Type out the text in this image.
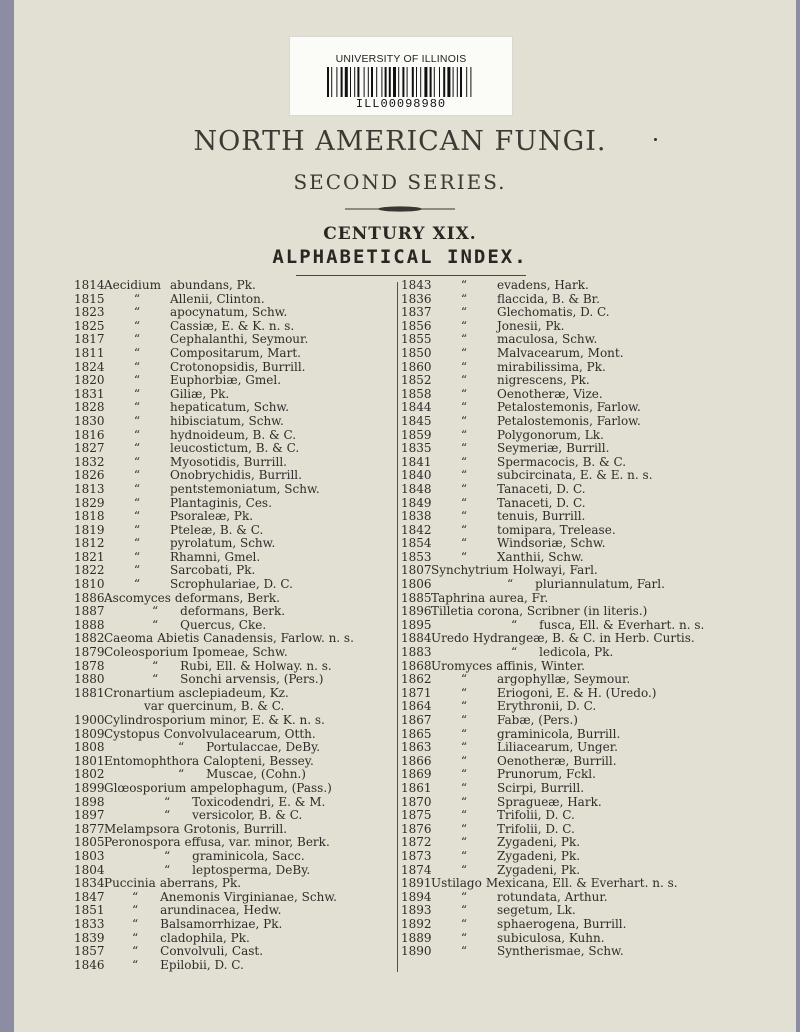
UNIVERSITY OF ILLINOIS
ILL00098980
NORTH AMERICAN FUNGI.
SECOND SERIES.
CENTURY XIX.
ALPHABETICAL INDEX.
1814 Aecidium abundans, Pk.
1815	“	Allenii, Clinton.
1823	“	apocynatum, Schw.
1825	“	Cassiæ, E. & K. n. s.
1817	“	Cephalanthi, Seymour.
1811	“	Compositarum, Mart.
1824	“	Crotonopsidis, Burrill.
1820	“	Euphorbiæ, Gmel.
1831	“	Giliæ, Pk.
1828	“	hepaticatum, Schw.
1830	“	hibisciatum, Schw.
1816	“	hydnoideum, B. & C.
1827	“	leucostictum, B. & C.
1832	“	Myosotidis, Burrill.
1826	“	Onobrychidis, Burrill.
1813	“	pentstemoniatum, Schw.
1829	“	Plantaginis, Ces.
1818	“	Psoraleæ, Pk.
1819	“	Pteleæ, B. & C.
1812	“	pyrolatum, Schw.
1821	“	Rhamni, Gmel.
1822	“	Sarcobati, Pk.
1810	“	Scrophulariae, D. C.
1886 Ascomyces deformans, Berk.
1887	“	deformans, Berk.
1888	“	Quercus, Cke.
1882 Caeoma Abietis Canadensis, Farlow. n. s.
1879 Coleosporium Ipomeae, Schw.
1878	“	Rubi, Ell. & Holway. n. s.
1880	“	Sonchi arvensis, (Pers.)
1881 Cronartium asclepiadeum, Kz.
var quercinum, B. & C.
1900 Cylindrosporium minor, E. & K. n. s.
1809 Cystopus Convolvulacearum, Otth.
1808	“	Portulaccae, DeBy.
1801 Entomophthora Calopteni, Bessey.
1802	“	Muscae, (Cohn.)
1899 Glœosporium ampelophagum, (Pass.)
1898	“	Toxicodendri, E. & M.
1897	“	versicolor, B. & C.
1877 Melampsora Grotonis, Burrill.
1805 Peronospora effusa, var. minor, Berk.
1803	“	graminicola, Sacc.
1804	“	leptosperma, DeBy.
1834 Puccinia aberrans, Pk.
1847 “	Anemonis Virginianae, Schw.
1851 “	arundinacea, Hedw.
1833 “	Balsamorrhizae, Pk.
1839 “	cladophila, Pk.
1857 “	Convolvuli, Cast.
1846 “	Epilobii, D. C.
1843	“	evadens, Hark.
1836	“	flaccida, B. & Br.
1837	“	Glechomatis, D. C.
1856	“	Jonesii, Pk.
1855	“	maculosa, Schw.
1850	“	Malvacearum, Mont.
1860	“	mirabilissima, Pk.
1852	“	nigrescens, Pk.
1858	“	Oenotheræ, Vize.
1844	“	Petalostemonis, Farlow.
1845	“	Petalostemonis, Farlow.
1859	“	Polygonorum, Lk.
1835	“	Seymeriæ, Burrill.
1841	“	Spermacocis, B. & C.
1840	“	subcircinata, E. & E. n. s.
1848	“	Tanaceti, D. C.
1849	“	Tanaceti, D. C.
1838	“	tenuis, Burrill.
1842	“	tomipara, Trelease.
1854	“	Windsoriæ, Schw.
1853	“	Xanthii, Schw.
1807 Synchytrium Holwayi, Farl.
1806	“	pluriannulatum, Farl.
1885 Taphrina aurea, Fr.
1896 Tilletia corona, Scribner (in literis.)
1895	“	fusca, Ell. & Everhart. n. s.
1884 Uredo Hydrangeæ, B. & C. in Herb. Curtis.
1883	“	ledicola, Pk.
1868 Uromyces affinis, Winter.
1862	“	argophyllæ, Seymour.
1871	“	Eriogoni, E. & H. (Uredo.)
1864	“	Erythronii, D. C.
1867	“	Fabæ, (Pers.)
1865	“	graminicola, Burrill.
1863	“	Liliacearum, Unger.
1866	“	Oenotheræ, Burrill.
1869	“	Prunorum, Fckl.
1861	“	Scirpi, Burrill.
1870	“	Spragueæ, Hark.
1875	“	Trifolii, D. C.
1876	“	Trifolii, D. C.
1872	“	Zygadeni, Pk.
1873	“	Zygadeni, Pk.
1874	“	Zygadeni, Pk.
1891 Ustilago Mexicana, Ell. & Everhart. n. s.
1894	“	rotundata, Arthur.
1893	“	segetum, Lk.
1892	“	sphaerogena, Burrill.
1889	“	subiculosa, Kuhn.
1890	“	Syntherismae, Schw.
